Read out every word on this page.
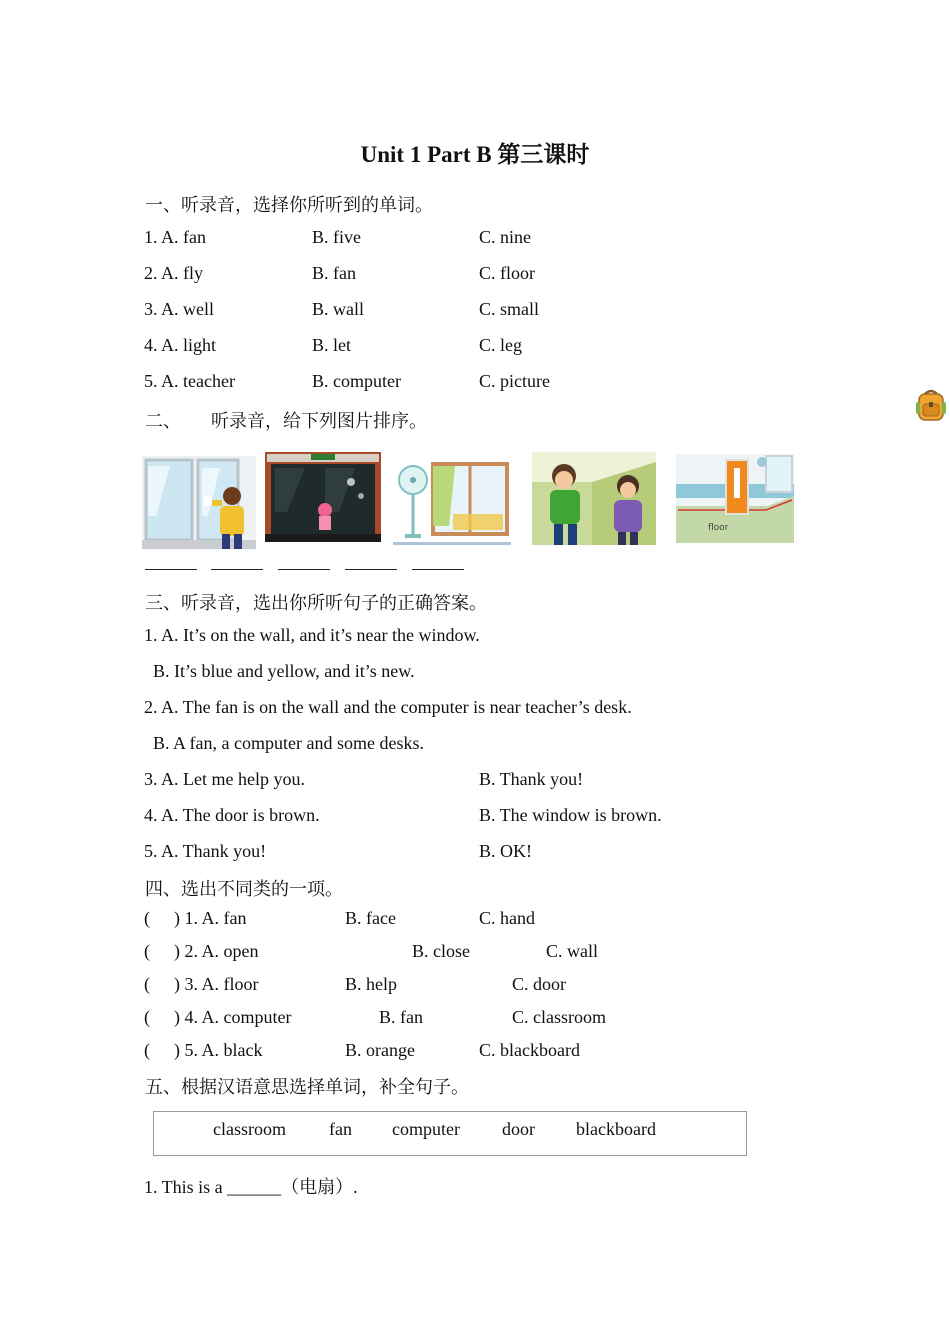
Unit 1 Part B 第三课时
一、听录音，选择你所听到的单词。
1. A. fan	B. five	C. nine
2. A. fly	B. fan	C. floor
3. A. well	B. wall	C. small
4. A. light	B. let	C. leg
5. A. teacher	B. computer	C. picture
二、 听录音，给下列图片排序。
floor
三、听录音，选出你所听句子的正确答案。
1. A. It’s on the wall, and it’s near the window.
B. It’s blue and yellow, and it’s new.
2. A. The fan is on the wall and the computer is near teacher’s desk.
B. A fan, a computer and some desks.
3. A. Let me help you.	B. Thank you!
4. A. The door is brown.	B. The window is brown.
5. A. Thank you!	B. OK!
四、选出不同类的一项。
( ) 1. A. fan	B. face	C. hand
( ) 2. A. open	B. close	C. wall
( ) 3. A. floor	B. help	C. door
( ) 4. A. computer	B. fan	C. classroom
( ) 5. A. black	B. orange	C. blackboard
五、根据汉语意思选择单词，补全句子。
classroom fan computer door blackboard
1. This is a ______（电扇）.
